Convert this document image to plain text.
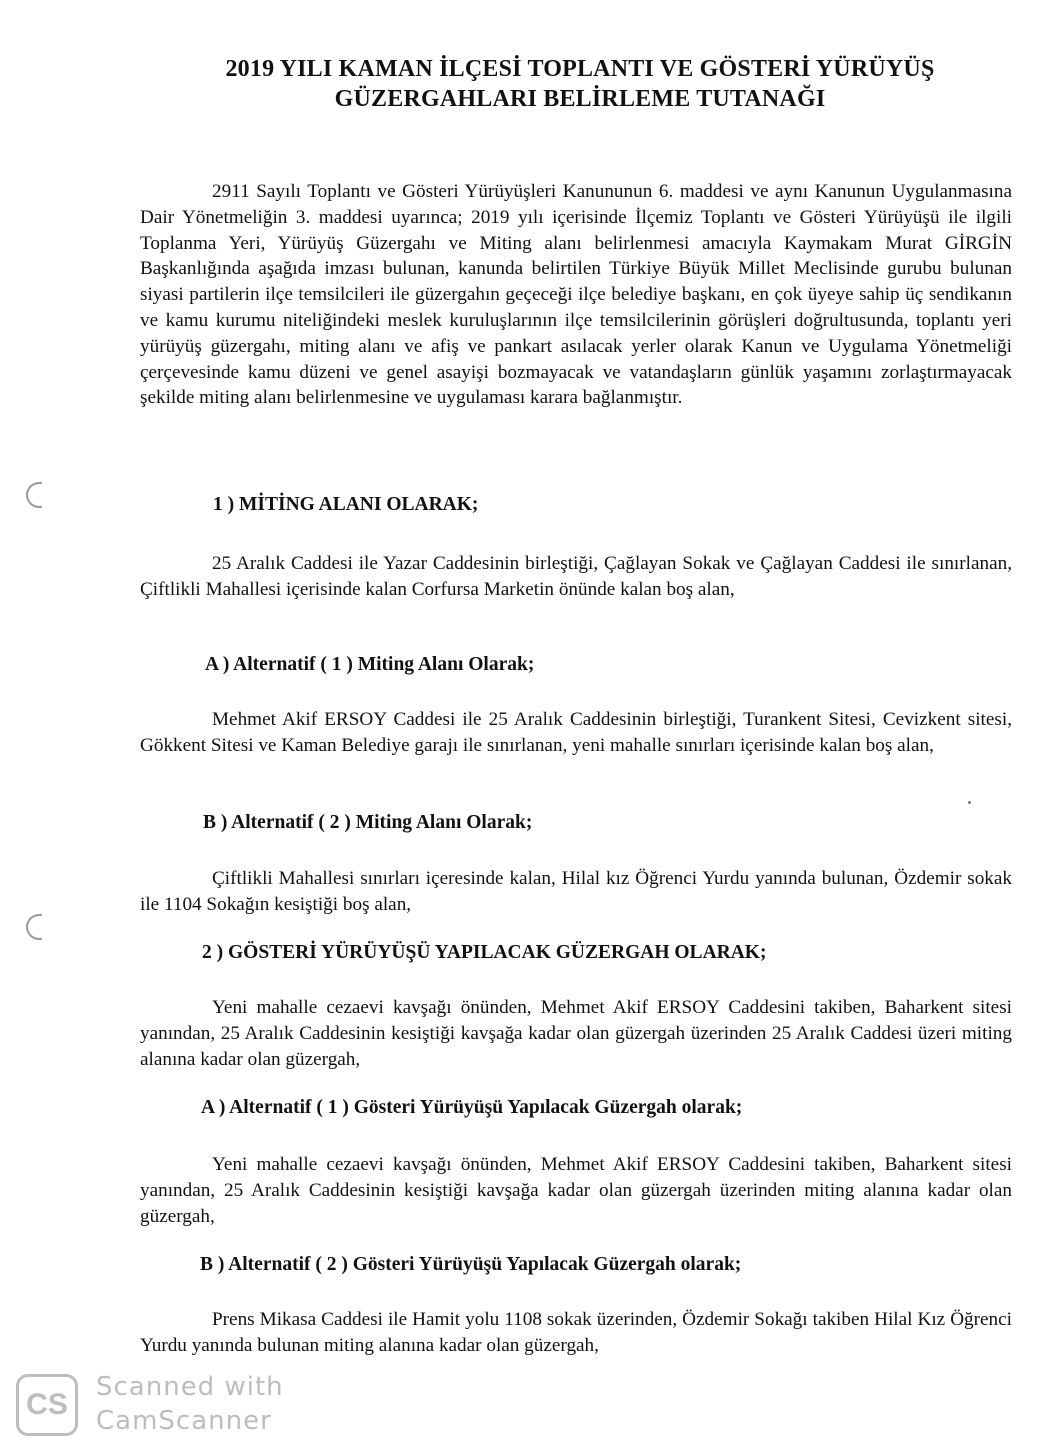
2019 YILI KAMAN İLÇESİ TOPLANTI VE GÖSTERİ YÜRÜYÜŞ
GÜZERGAHLARI BELİRLEME TUTANAĞI
2911 Sayılı Toplantı ve Gösteri Yürüyüşleri Kanununun 6. maddesi ve aynı Kanunun Uygulanmasına Dair Yönetmeliğin 3. maddesi uyarınca; 2019 yılı içerisinde İlçemiz Toplantı ve Gösteri Yürüyüşü ile ilgili Toplanma Yeri, Yürüyüş Güzergahı ve Miting alanı belirlenmesi amacıyla Kaymakam Murat GİRGİN Başkanlığında aşağıda imzası bulunan, kanunda belirtilen Türkiye Büyük Millet Meclisinde gurubu bulunan siyasi partilerin ilçe temsilcileri ile güzergahın geçeceği ilçe belediye başkanı, en çok üyeye sahip üç sendikanın ve kamu kurumu niteliğindeki meslek kuruluşlarının ilçe temsilcilerinin görüşleri doğrultusunda, toplantı yeri yürüyüş güzergahı, miting alanı ve afiş ve pankart asılacak yerler olarak Kanun ve Uygulama Yönetmeliği çerçevesinde kamu düzeni ve genel asayişi bozmayacak ve vatandaşların günlük yaşamını zorlaştırmayacak şekilde miting alanı belirlenmesine ve uygulaması karara bağlanmıştır.
1 ) MİTİNG ALANI OLARAK;
25 Aralık Caddesi ile Yazar Caddesinin birleştiği, Çağlayan Sokak ve Çağlayan Caddesi ile sınırlanan, Çiftlikli Mahallesi içerisinde kalan Corfursa Marketin önünde kalan boş alan,
A ) Alternatif ( 1 ) Miting Alanı Olarak;
Mehmet Akif ERSOY Caddesi ile 25 Aralık Caddesinin birleştiği, Turankent Sitesi, Cevizkent sitesi, Gökkent Sitesi ve Kaman Belediye garajı ile sınırlanan, yeni mahalle sınırları içerisinde kalan boş alan,
B ) Alternatif ( 2 ) Miting Alanı Olarak;
Çiftlikli Mahallesi sınırları içeresinde kalan, Hilal kız Öğrenci Yurdu yanında bulunan, Özdemir sokak ile 1104 Sokağın kesiştiği boş alan,
2 ) GÖSTERİ YÜRÜYÜŞÜ YAPILACAK GÜZERGAH OLARAK;
Yeni mahalle cezaevi kavşağı önünden, Mehmet Akif ERSOY Caddesini takiben, Baharkent sitesi yanından, 25 Aralık Caddesinin kesiştiği kavşağa kadar olan güzergah üzerinden 25 Aralık Caddesi üzeri miting alanına kadar olan güzergah,
A ) Alternatif ( 1 ) Gösteri Yürüyüşü Yapılacak Güzergah olarak;
Yeni mahalle cezaevi kavşağı önünden, Mehmet Akif ERSOY Caddesini takiben, Baharkent sitesi yanından, 25 Aralık Caddesinin kesiştiği kavşağa kadar olan güzergah üzerinden miting alanına kadar olan güzergah,
B ) Alternatif ( 2 ) Gösteri Yürüyüşü Yapılacak Güzergah olarak;
Prens Mikasa Caddesi ile Hamit yolu 1108 sokak üzerinden, Özdemir Sokağı takiben Hilal Kız Öğrenci Yurdu yanında bulunan miting alanına kadar olan güzergah,
CS
Scanned with
CamScanner
